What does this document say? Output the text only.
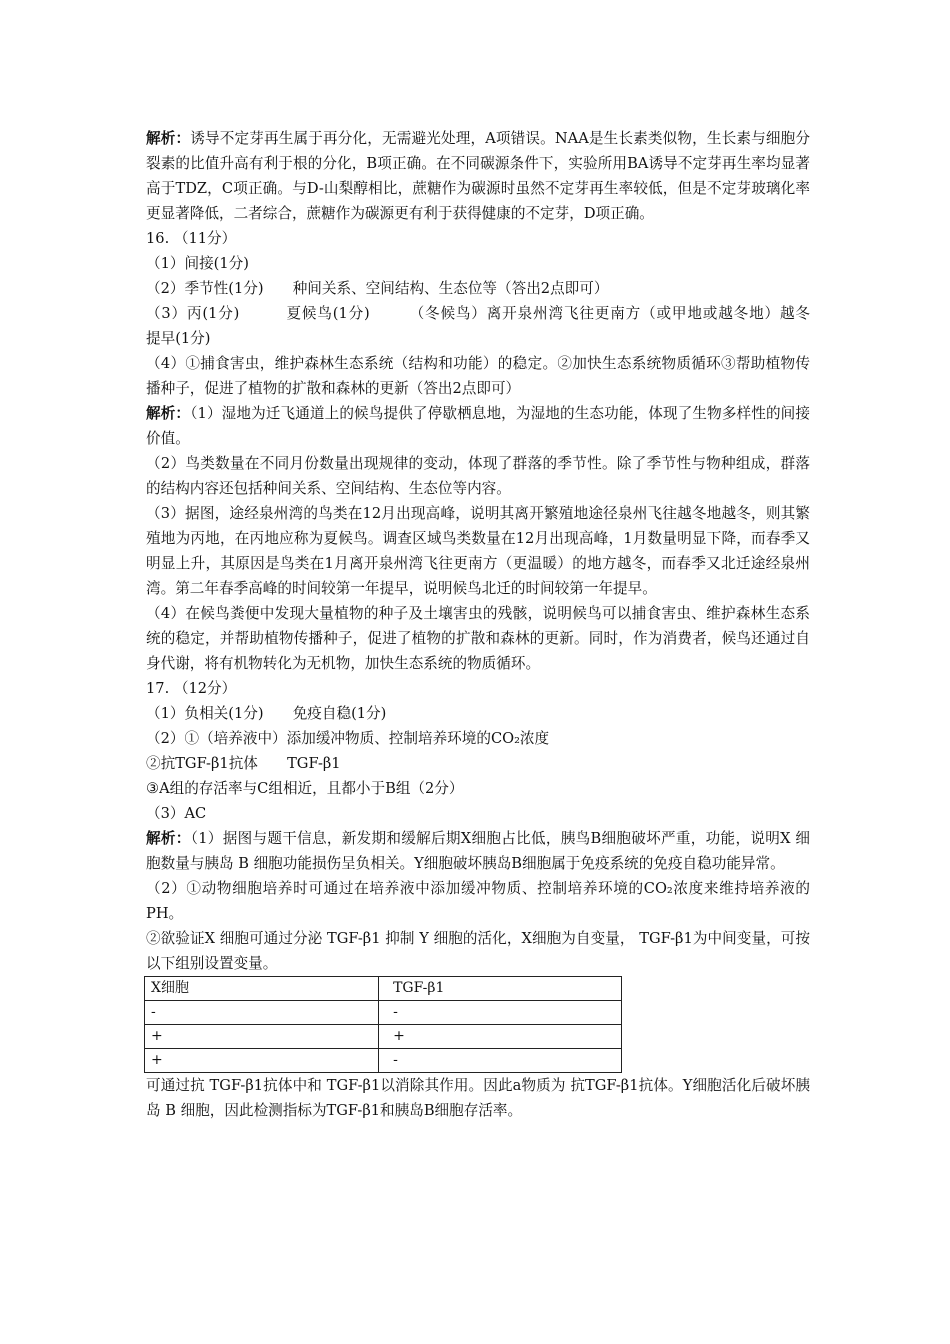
解析：诱导不定芽再生属于再分化，无需避光处理，A项错误。NAA是生长素类似物，生长素与细胞分裂素的比值升高有利于根的分化，B项正确。在不同碳源条件下，实验所用BA诱导不定芽再生率均显著高于TDZ，C项正确。与D-山梨醇相比，蔗糖作为碳源时虽然不定芽再生率较低，但是不定芽玻璃化率更显著降低，二者综合，蔗糖作为碳源更有利于获得健康的不定芽，D项正确。

16. （11分）

（1）间接(1分)

（2）季节性(1分)　　种间关系、空间结构、生态位等（答出2点即可）

（3）丙(1分)　　　夏候鸟(1分)　　　（冬候鸟）离开泉州湾飞往更南方（或甲地或越冬地）越冬　　提早(1分)

（4）①捕食害虫，维护森林生态系统（结构和功能）的稳定。②加快生态系统物质循环③帮助植物传播种子，促进了植物的扩散和森林的更新（答出2点即可）

解析：（1）湿地为迁飞通道上的候鸟提供了停歇栖息地，为湿地的生态功能，体现了生物多样性的间接价值。

（2）鸟类数量在不同月份数量出现规律的变动，体现了群落的季节性。除了季节性与物种组成，群落的结构内容还包括种间关系、空间结构、生态位等内容。

（3）据图，途经泉州湾的鸟类在12月出现高峰，说明其离开繁殖地途径泉州飞往越冬地越冬，则其繁殖地为丙地，在丙地应称为夏候鸟。调查区域鸟类数量在12月出现高峰，1月数量明显下降，而春季又明显上升，其原因是鸟类在1月离开泉州湾飞往更南方（更温暖）的地方越冬，而春季又北迁途经泉州湾。第二年春季高峰的时间较第一年提早，说明候鸟北迁的时间较第一年提早。

（4）在候鸟粪便中发现大量植物的种子及土壤害虫的残骸，说明候鸟可以捕食害虫、维护森林生态系统的稳定，并帮助植物传播种子，促进了植物的扩散和森林的更新。同时，作为消费者，候鸟还通过自身代谢，将有机物转化为无机物，加快生态系统的物质循环。

17. （12分）

（1）负相关(1分)　　免疫自稳(1分)

（2）①（培养液中）添加缓冲物质、控制培养环境的CO₂浓度

②抗TGF-β1抗体　　TGF-β1

③A组的存活率与C组相近，且都小于B组（2分）

（3）AC

解析：（1）据图与题干信息，新发期和缓解后期X细胞占比低，胰鸟B细胞破坏严重，功能，说明X 细胞数量与胰岛 B 细胞功能损伤呈负相关。Y细胞破坏胰岛B细胞属于免疫系统的免疫自稳功能异常。

（2）①动物细胞培养时可通过在培养液中添加缓冲物质、控制培养环境的CO₂浓度来维持培养液的PH。

②欲验证X 细胞可通过分泌 TGF-β1 抑制 Y 细胞的活化，X细胞为自变量， TGF-β1为中间变量，可按以下组别设置变量。

X细胞	TGF-β1
-	-
+	+
+	-

可通过抗 TGF-β1抗体中和 TGF-β1以消除其作用。因此a物质为 抗TGF-β1抗体。Y细胞活化后破坏胰岛 B 细胞，因此检测指标为TGF-β1和胰岛B细胞存活率。
